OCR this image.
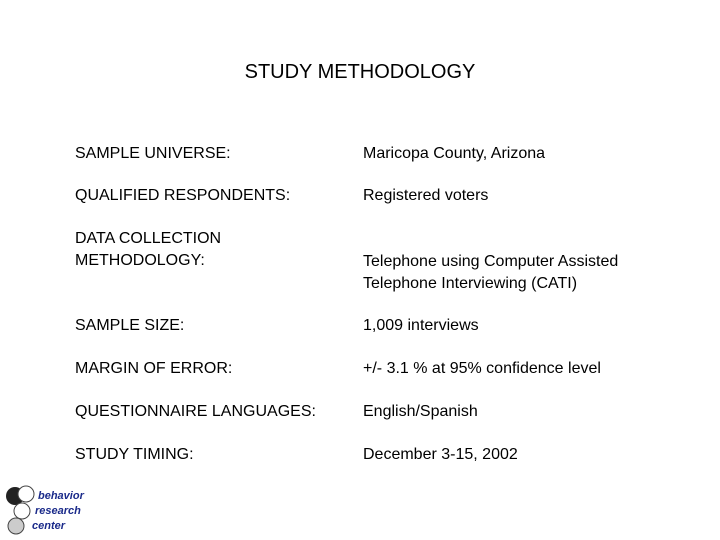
STUDY METHODOLOGY
SAMPLE UNIVERSE:	Maricopa County, Arizona
QUALIFIED RESPONDENTS:	Registered voters
DATA COLLECTION
METHODOLOGY:	Telephone using Computer Assisted
Telephone Interviewing (CATI)
SAMPLE SIZE:	1,009 interviews
MARGIN OF ERROR:	+/- 3.1 % at 95% confidence level
QUESTIONNAIRE LANGUAGES:	English/Spanish
STUDY TIMING:	December 3-15, 2002
behavior
research
center
